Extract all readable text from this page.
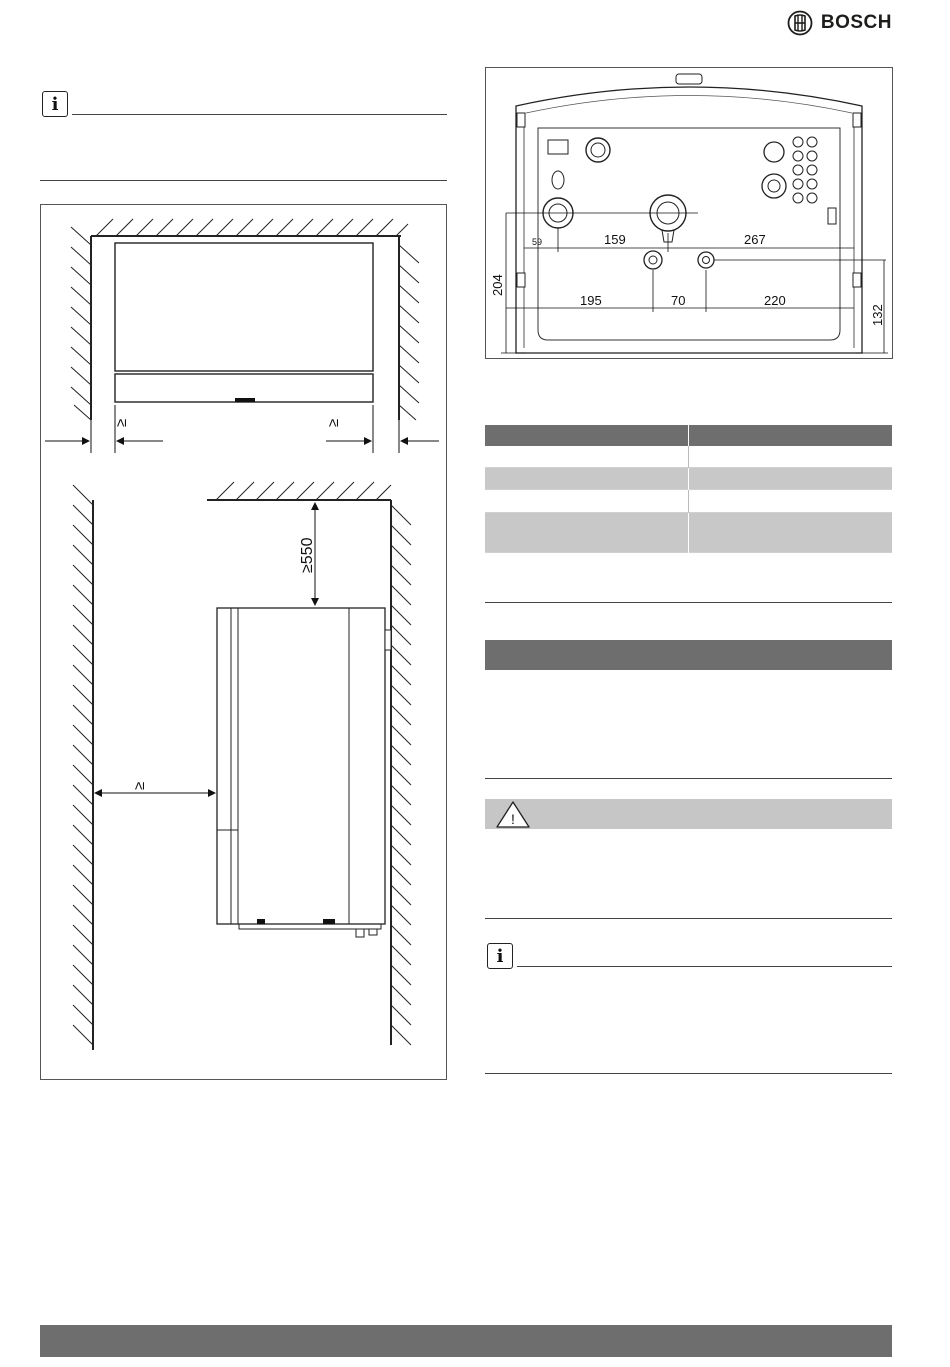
BOSCH
i
≥	≥
≥550
≥
59	159	267
204
195	70	220
132
!
i
